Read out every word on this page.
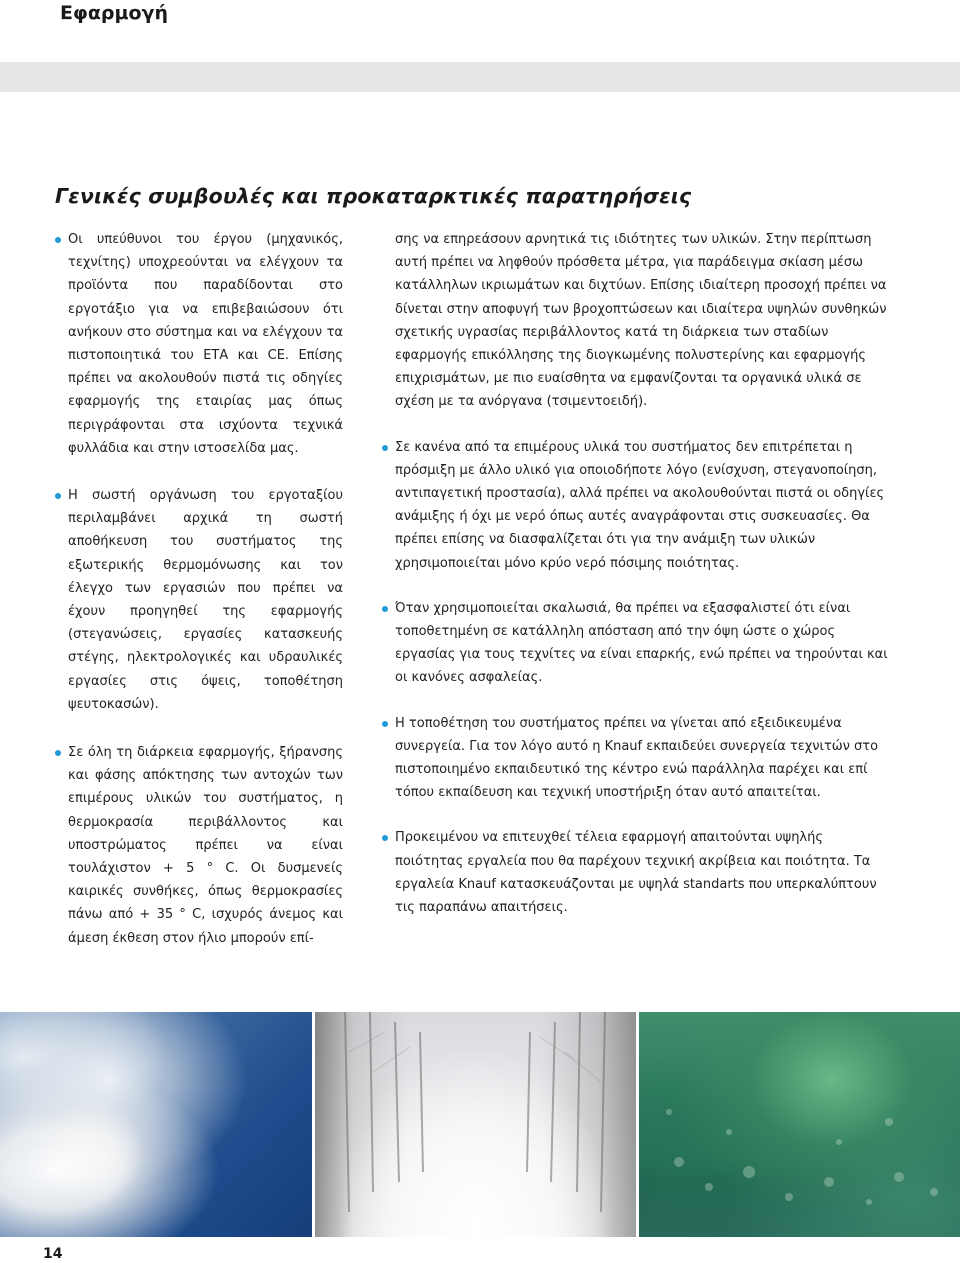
Εφαρμογή
Γενικές συμβουλές και προκαταρκτικές παρατηρήσεις

Οι υπεύθυνοι του έργου (μηχανικός, τεχνίτης) υποχρεούνται να ελέγχουν τα προϊόντα που παραδίδονται στο εργοτάξιο για να επιβεβαιώσουν ότι ανήκουν στο σύστημα και να ελέγχουν τα πιστοποιητικά του ΕΤΑ και CE. Επίσης πρέπει να ακολουθούν πιστά τις οδηγίες εφαρμογής της εταιρίας μας όπως περιγράφονται στα ισχύοντα τεχνικά φυλλάδια και στην ιστοσελίδα μας.

Η σωστή οργάνωση του εργοταξίου περιλαμβάνει αρχικά τη σωστή αποθήκευση του συστήματος της εξωτερικής θερμομόνωσης και τον έλεγχο των εργασιών που πρέπει να έχουν προηγηθεί της εφαρμογής (στεγανώσεις, εργασίες κατασκευής στέγης, ηλεκτρολογικές και υδραυλικές εργασίες στις όψεις, τοποθέτηση ψευτοκασών).

Σε όλη τη διάρκεια εφαρμογής, ξήρανσης και φάσης απόκτησης των αντοχών των επιμέρους υλικών του συστήματος, η θερμοκρασία περιβάλλοντος και υποστρώματος πρέπει να είναι τουλάχιστον + 5 ° C. Οι δυσμενείς καιρικές συνθήκες, όπως θερμοκρασίες πάνω από + 35 ° C, ισχυρός άνεμος και άμεση έκθεση στον ήλιο μπορούν επί-

σης να επηρεάσουν αρνητικά τις ιδιότητες των υλικών. Στην περίπτωση αυτή πρέπει να ληφθούν πρόσθετα μέτρα, για παράδειγμα σκίαση μέσω κατάλληλων ικριωμάτων και διχτύων. Επίσης ιδιαίτερη προσοχή πρέπει να δίνεται στην αποφυγή των βροχοπτώσεων και ιδιαίτερα υψηλών συνθηκών σχετικής υγρασίας περιβάλλοντος κατά τη διάρκεια των σταδίων εφαρμογής επικόλλησης της διογκωμένης πολυστερίνης και εφαρμογής επιχρισμάτων, με πιο ευαίσθητα να εμφανίζονται τα οργανικά υλικά σε σχέση με τα ανόργανα (τσιμεντοειδή).

Σε κανένα από τα επιμέρους υλικά του συστήματος δεν επιτρέπεται η πρόσμιξη με άλλο υλικό για οποιοδήποτε λόγο (ενίσχυση, στεγανοποίηση, αντιπαγετική προστασία), αλλά πρέπει να ακολουθούνται πιστά οι οδηγίες ανάμιξης ή όχι με νερό όπως αυτές αναγράφονται στις συσκευασίες. Θα πρέπει επίσης να διασφαλίζεται ότι για την ανάμιξη των υλικών χρησιμοποιείται μόνο κρύο νερό πόσιμης ποιότητας.

Όταν χρησιμοποιείται σκαλωσιά, θα πρέπει να εξασφαλιστεί ότι είναι τοποθετημένη σε κατάλληλη απόσταση από την όψη ώστε ο χώρος εργασίας για τους τεχνίτες να είναι επαρκής, ενώ πρέπει να τηρούνται και οι κανόνες ασφαλείας.

Η τοποθέτηση του συστήματος πρέπει να γίνεται από εξειδικευμένα συνεργεία. Για τον λόγο αυτό η Knauf εκπαιδεύει συνεργεία τεχνιτών στο πιστοποιημένο εκπαιδευτικό της κέντρο ενώ παράλληλα παρέχει και επί τόπου εκπαίδευση και τεχνική υποστήριξη όταν αυτό απαιτείται.

Προκειμένου να επιτευχθεί τέλεια εφαρμογή απαιτούνται υψηλής ποιότητας εργαλεία που θα παρέχουν τεχνική ακρίβεια και ποιότητα. Τα εργαλεία Knauf κατασκευάζονται με υψηλά standarts που υπερκαλύπτουν τις παραπάνω απαιτήσεις.

14
